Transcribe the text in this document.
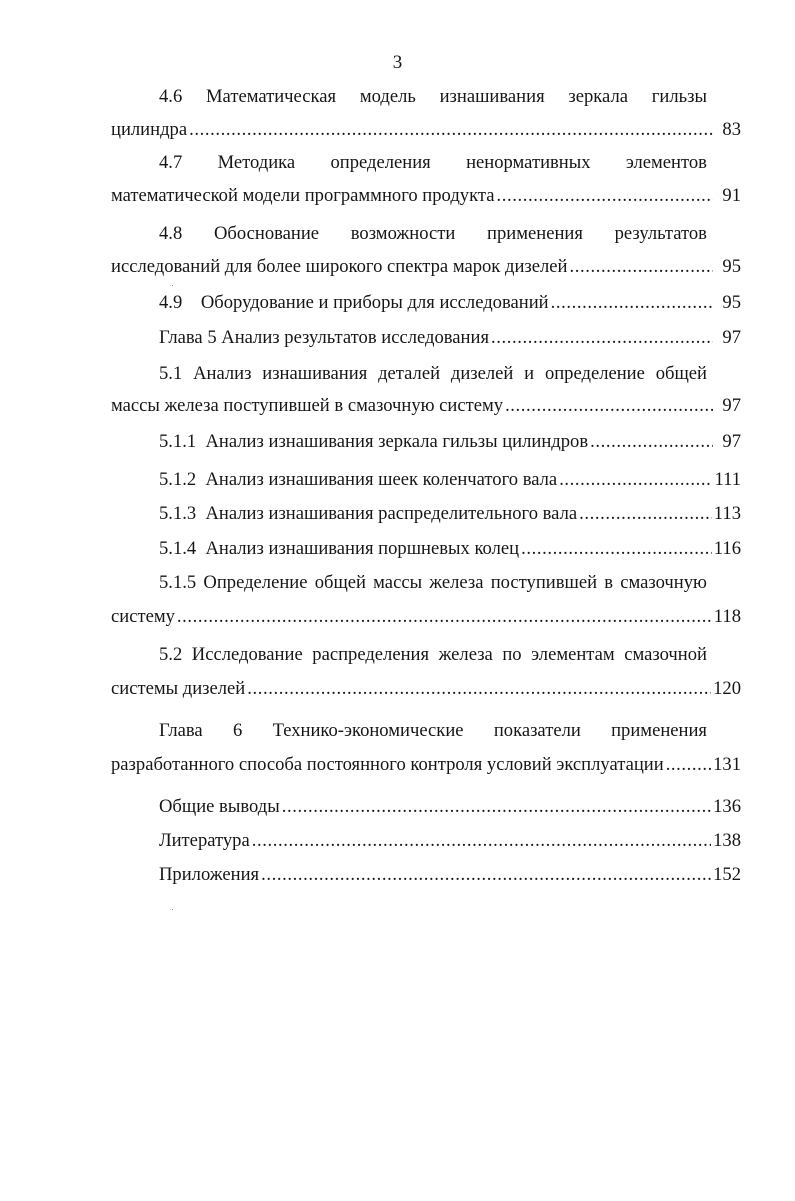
3
4.6 Математическая модель изнашивания зеркала гильзы
цилиндра .....	83
4.7 Методика определения ненормативных элементов
математической модели программного продукта .....	91
4.8 Обоснование возможности применения результатов
исследований для более широкого спектра марок дизелей .....	95
4.9    Оборудование и приборы для исследований .....	95
Глава 5 Анализ результатов исследования .....	97
5.1 Анализ изнашивания деталей дизелей и определение общей
массы железа поступившей в смазочную систему .....	97
5.1.1  Анализ изнашивания зеркала гильзы цилиндров .....	97
5.1.2  Анализ изнашивания шеек коленчатого вала .....	111
5.1.3  Анализ изнашивания распределительного вала .....	113
5.1.4  Анализ изнашивания поршневых колец .....	116
5.1.5 Определение общей массы железа поступившей в смазочную
систему .....	118
5.2 Исследование распределения железа по элементам смазочной
системы дизелей .....	120
Глава 6 Технико-экономические показатели применения
разработанного способа постоянного контроля условий эксплуатации .....	131
Общие выводы .....	136
Литература .....	138
Приложения .....	152
